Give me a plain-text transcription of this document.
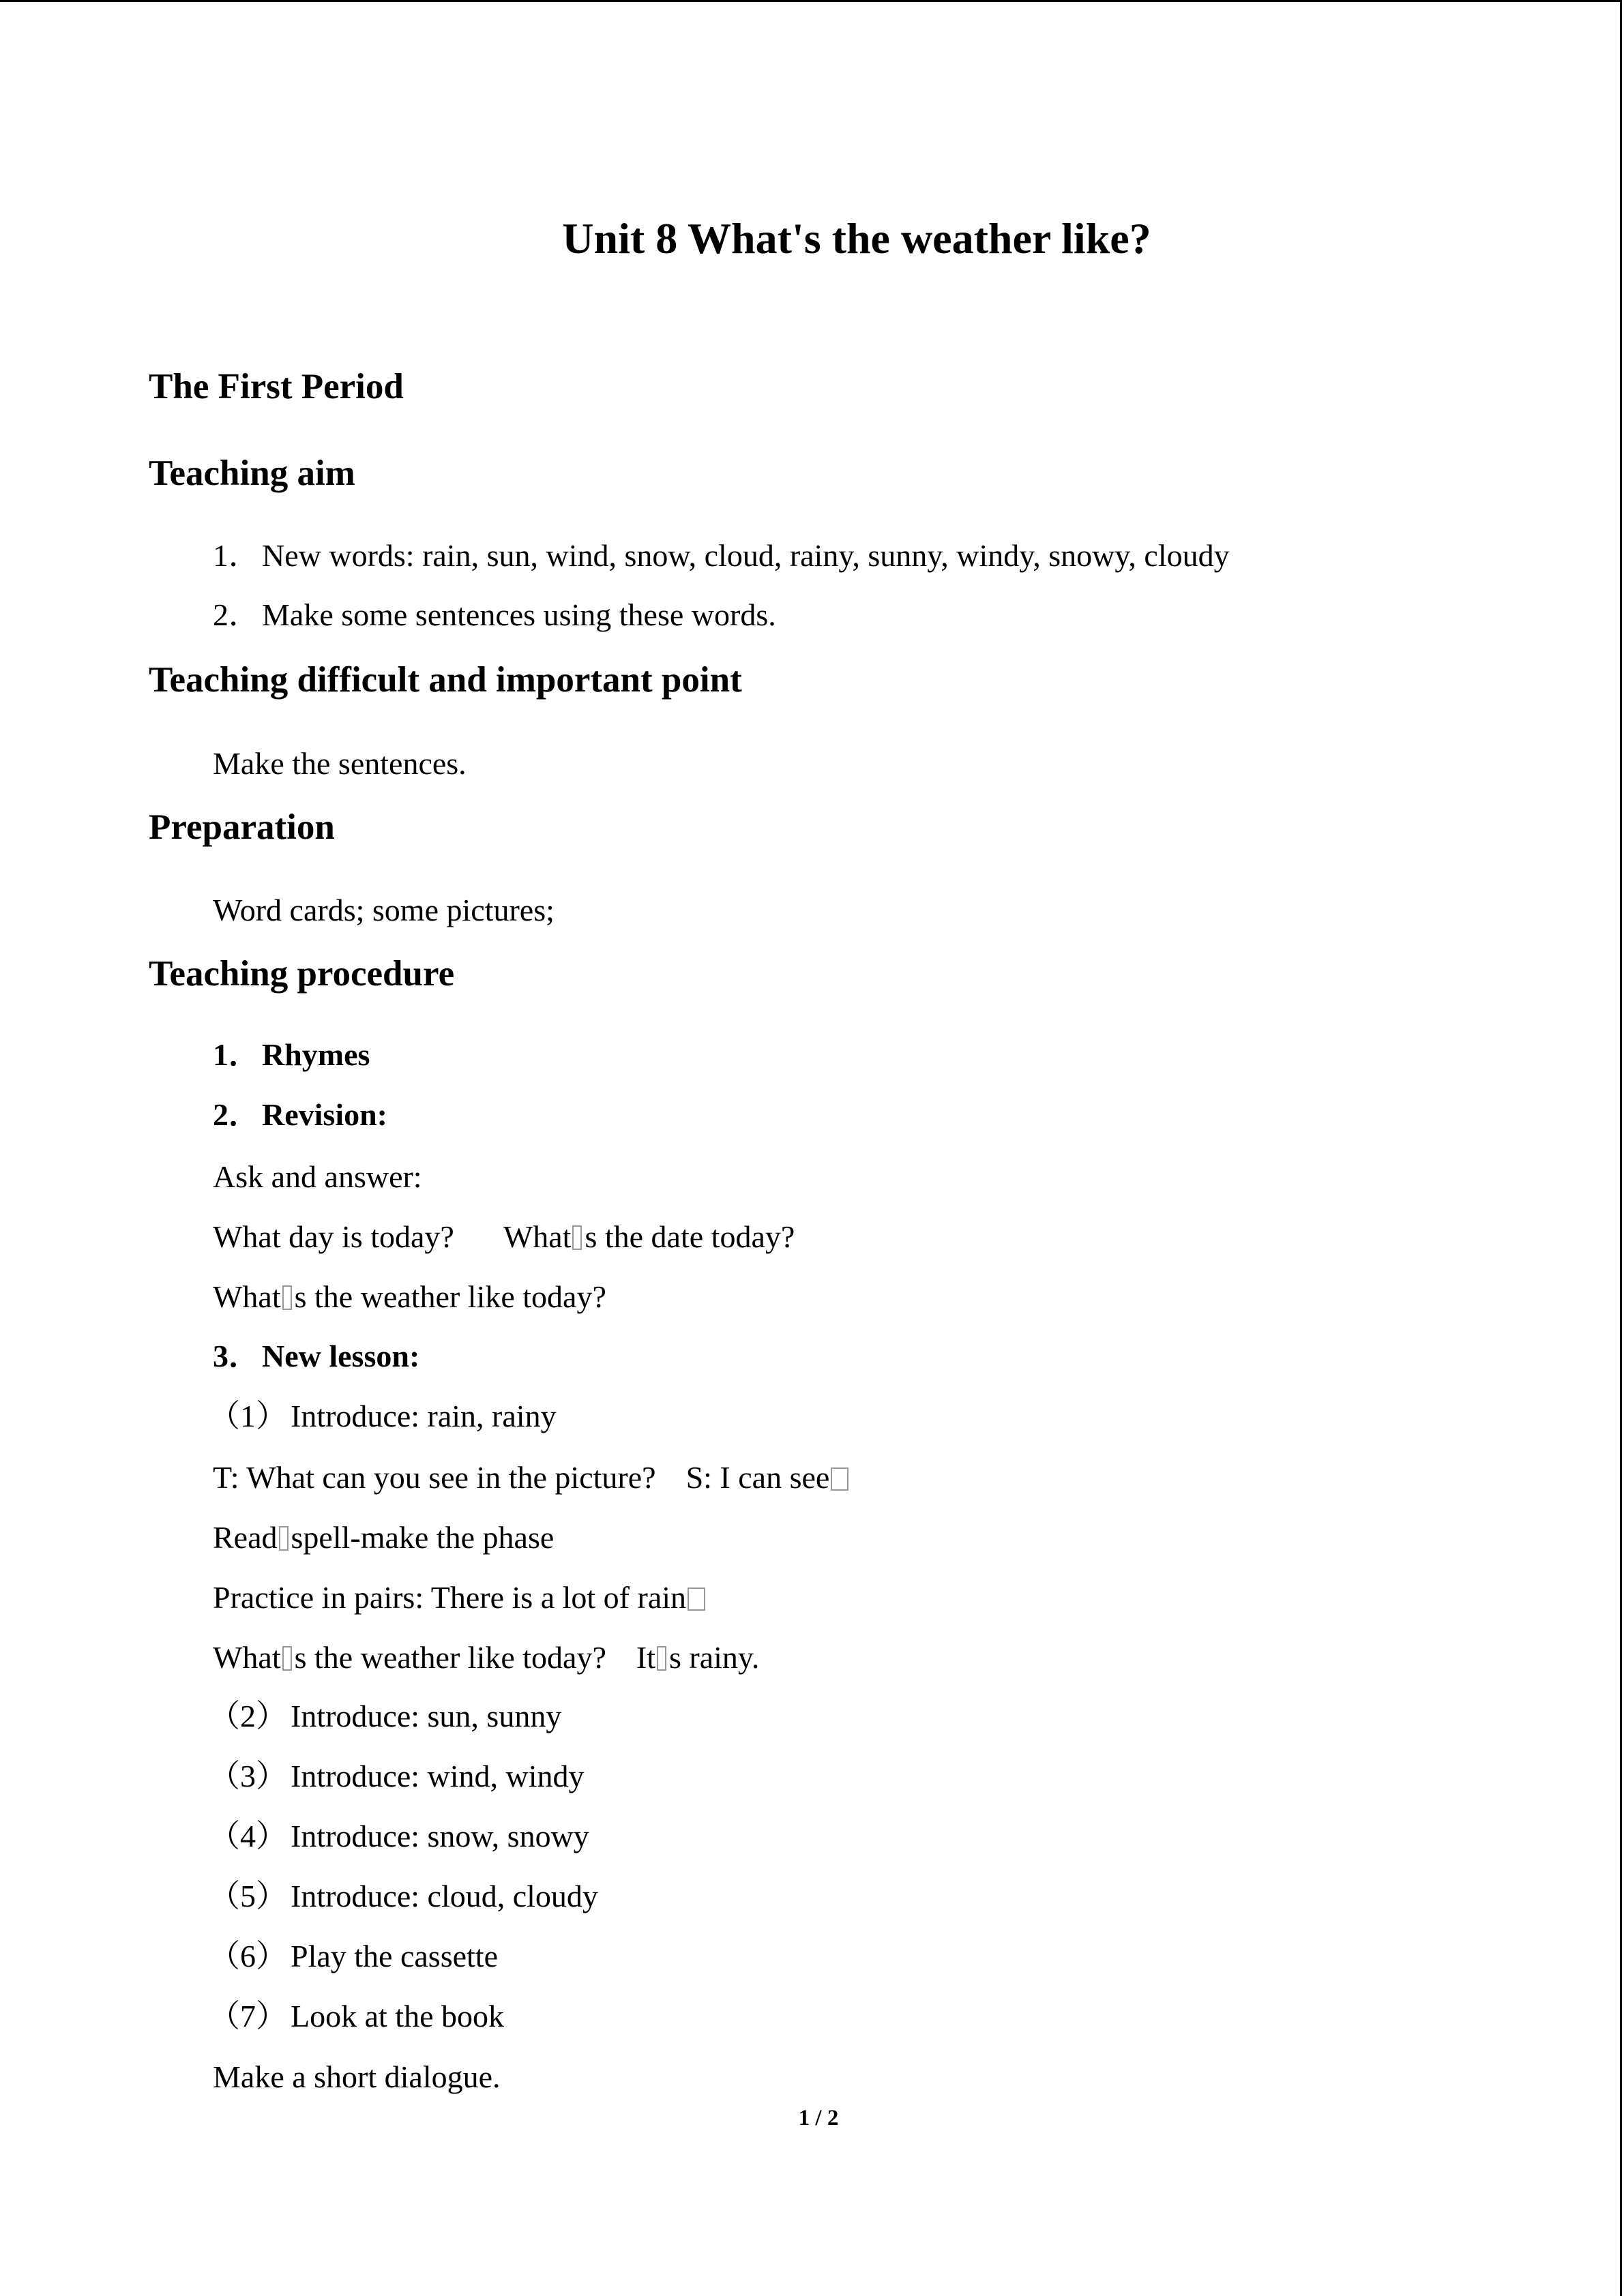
Unit 8 What's the weather like?
The First Period
Teaching aim
1．New words: rain, sun, wind, snow, cloud, rainy, sunny, windy, snowy, cloudy
2．Make some sentences using these words.
Teaching difficult and important point
Make the sentences.
Preparation
Word cards; some pictures;
Teaching procedure
1．Rhymes
2．Revision:
Ask and answer:
What day is today? What s the date today?
What s the weather like today?
3．New lesson:
（1） Introduce: rain, rainy
T: What can you see in the picture? S: I can see
Read spell-make the phase
Practice in pairs: There is a lot of rain
What s the weather like today? It s rainy.
（2） Introduce: sun, sunny
（3） Introduce: wind, windy
（4） Introduce: snow, snowy
（5） Introduce: cloud, cloudy
（6） Play the cassette
（7） Look at the book
Make a short dialogue.
1 / 2
